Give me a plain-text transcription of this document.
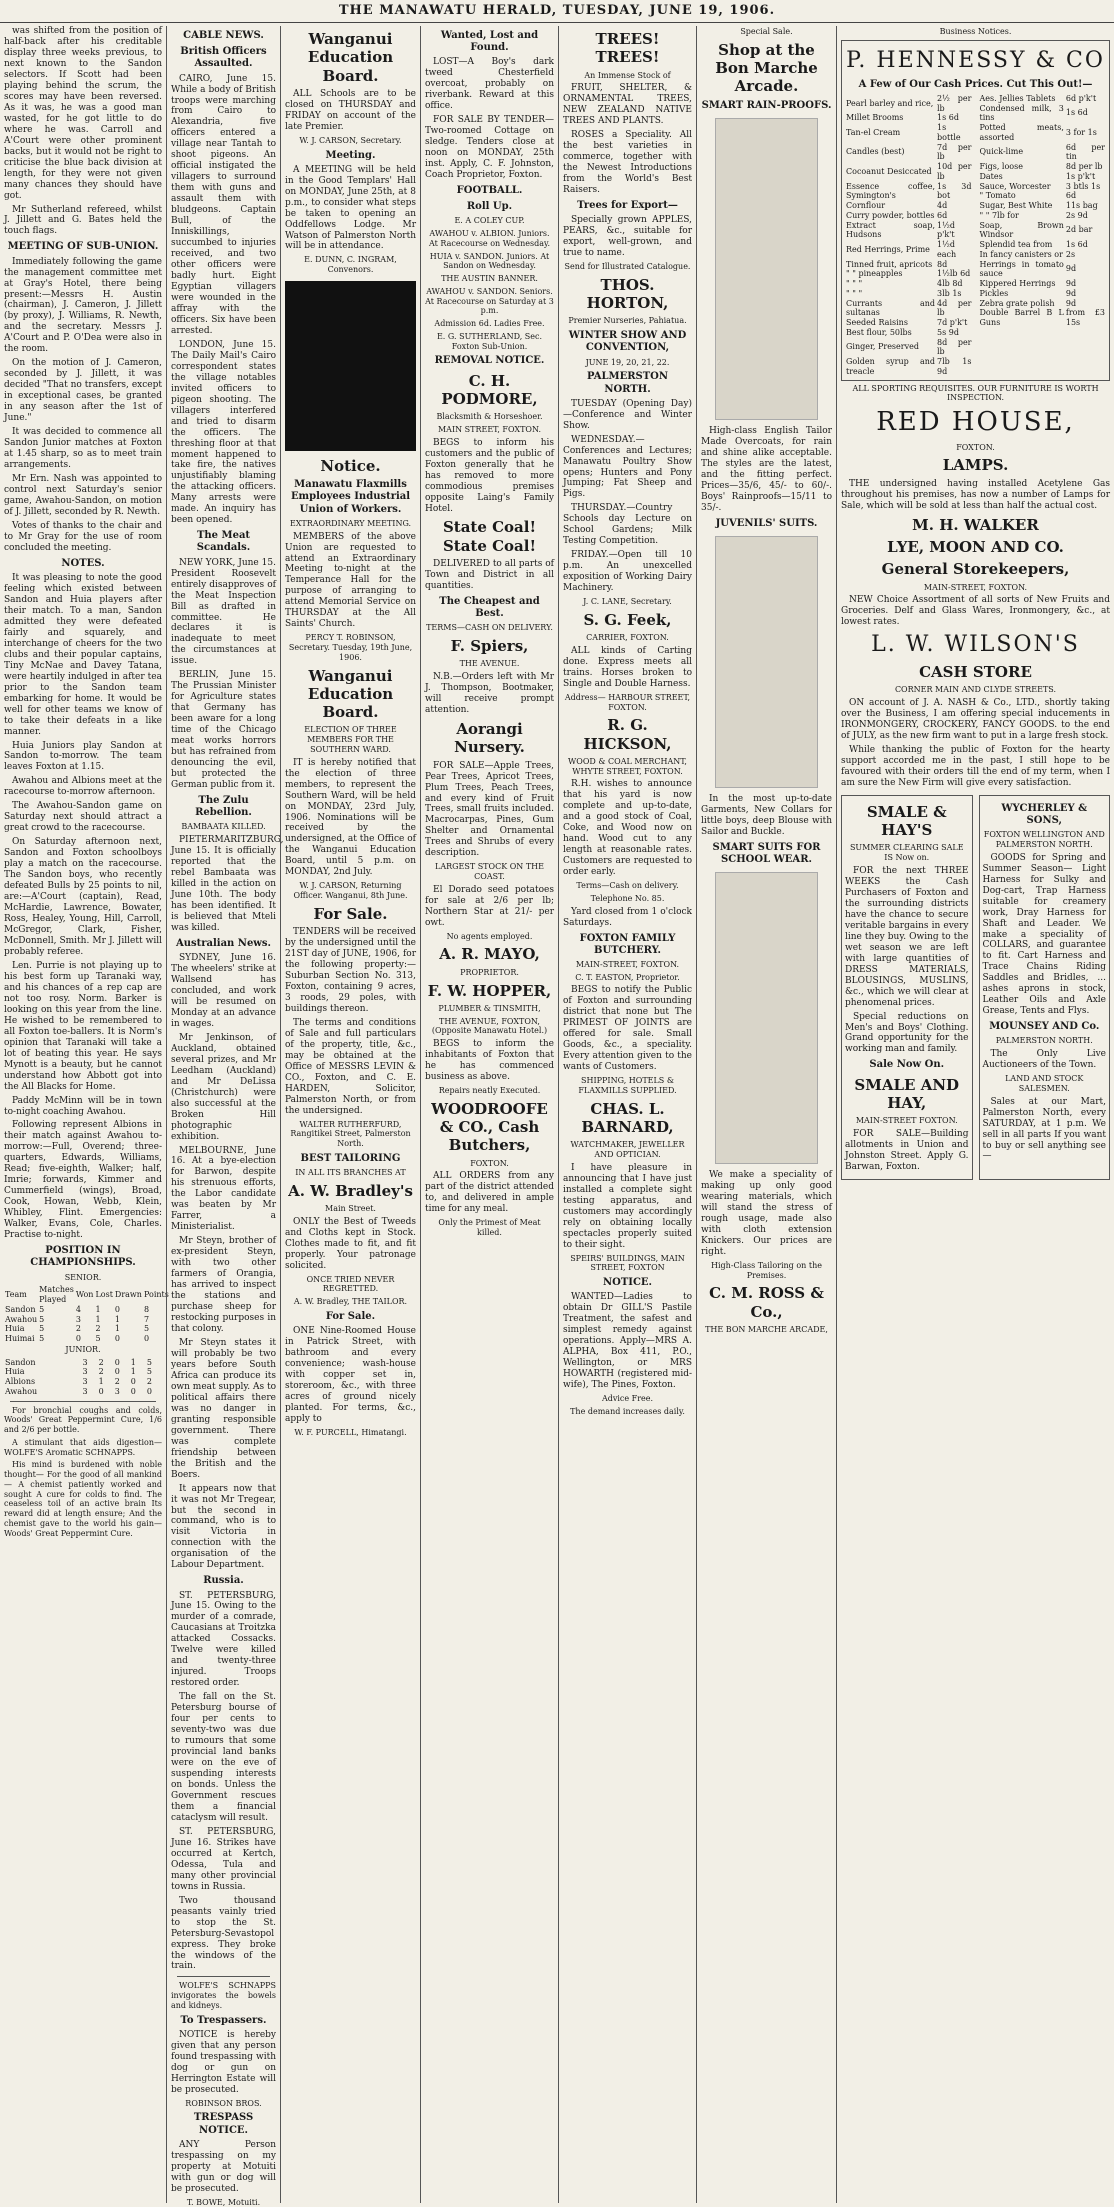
THE MANAWATU HERALD, TUESDAY, JUNE 19, 1906.

was shifted from the position of half-back after his creditable display three weeks previous, to next known to the Sandon selectors. If Scott had been playing behind the scrum, the scores may have been reversed. As it was, he was a good man wasted, for he got little to do where he was. Carroll and A'Court were other prominent backs, but it would not be right to criticise the blue back division at length, for they were not given many chances they should have got.

Mr Sutherland refereed, whilst J. Jillett and G. Bates held the touch flags.

MEETING OF SUB-UNION.

Immediately following the game the management committee met at Gray's Hotel, there being present:—Messrs H. Austin (chairman), J. Cameron, J. Jillett (by proxy), J. Williams, R. Newth, and the secretary. Messrs J. A'Court and P. O'Dea were also in the room.

On the motion of J. Cameron, seconded by J. Jillett, it was decided "That no transfers, except in exceptional cases, be granted in any season after the 1st of June."

It was decided to commence all Sandon Junior matches at Foxton at 1.45 sharp, so as to meet train arrangements.

Mr Ern. Nash was appointed to control next Saturday's senior game, Awahou-Sandon, on motion of J. Jillett, seconded by R. Newth.

Votes of thanks to the chair and to Mr Gray for the use of room concluded the meeting.

NOTES.

It was pleasing to note the good feeling which existed between Sandon and Huia players after their match. To a man, Sandon admitted they were defeated fairly and squarely, and interchange of cheers for the two clubs and their popular captains, Tiny McNae and Davey Tatana, were heartily indulged in after tea prior to the Sandon team embarking for home. It would be well for other teams we know of to take their defeats in a like manner.

Huia Juniors play Sandon at Sandon to-morrow. The team leaves Foxton at 1.15.

Awahou and Albions meet at the racecourse to-morrow afternoon.

The Awahou-Sandon game on Saturday next should attract a great crowd to the racecourse.

On Saturday afternoon next, Sandon and Foxton schoolboys play a match on the racecourse. The Sandon boys, who recently defeated Bulls by 25 points to nil, are:—A'Court (captain), Read, McHardie, Lawrence, Bowater, Ross, Healey, Young, Hill, Carroll, McGregor, Clark, Fisher, McDonnell, Smith. Mr J. Jillett will probably referee.

Len. Purrie is not playing up to his best form up Taranaki way, and his chances of a rep cap are not too rosy. Norm. Barker is looking on this year from the line. He wished to be remembered to all Foxton toe-ballers. It is Norm's opinion that Taranaki will take a lot of beating this year. He says Mynott is a beauty, but he cannot understand how Abbott got into the All Blacks for Home.

Paddy McMinn will be in town to-night coaching Awahou.

Following represent Albions in their match against Awahou to-morrow:—Full, Overend; three-quarters, Edwards, Williams, Read; five-eighth, Walker; half, Imrie; forwards, Kimmer and Cummerfield (wings), Broad, Cook, Howan, Webb, Klein, Whibley, Flint. Emergencies: Walker, Evans, Cole, Charles. Practise to-night.

POSITION IN CHAMPIONSHIPS.
SENIOR.
Team	Matches Played	Won	Lost	Drawn	Points
Sandon	5	4	1	0	8
Awahou	5	3	1	1	7
Huia	5	2	2	1	5
Huimai	5	0	5	0	0
JUNIOR.
Sandon	3	2	0	1	5
Huia	3	2	0	1	5
Albions	3	1	2	0	2
Awahou	3	0	3	0	0

For bronchial coughs and colds, Woods' Great Peppermint Cure, 1/6 and 2/6 per bottle.

A stimulant that aids digestion—WOLFE'S Aromatic SCHNAPPS.

His mind is burdened with noble thought— For the good of all mankind— A chemist patiently worked and sought A cure for colds to find. The ceaseless toil of an active brain Its reward did at length ensure; And the chemist gave to the world his gain— Woods' Great Peppermint Cure.

CABLE NEWS.
British Officers Assaulted.

CAIRO, June 15. While a body of British troops were marching from Cairo to Alexandria, five officers entered a village near Tantah to shoot pigeons. An official instigated the villagers to surround them with guns and assault them with bludgeons. Captain Bull, of the Inniskillings, succumbed to injuries received, and two other officers were badly hurt. Eight Egyptian villagers were wounded in the affray with the officers. Six have been arrested.

LONDON, June 15. The Daily Mail's Cairo correspondent states the village notables invited officers to pigeon shooting. The villagers interfered and tried to disarm the officers. The threshing floor at that moment happened to take fire, the natives unjustifiably blaming the attacking officers. Many arrests were made. An inquiry has been opened.

The Meat Scandals.

NEW YORK, June 15. President Roosevelt entirely disapproves of the Meat Inspection Bill as drafted in committee. He declares it is inadequate to meet the circumstances at issue.

BERLIN, June 15. The Prussian Minister for Agriculture states that Germany has been aware for a long time of the Chicago meat works horrors but has refrained from denouncing the evil, but protected the German public from it.

The Zulu Rebellion.
BAMBAATA KILLED.

PIETERMARITZBURG, June 15. It is officially reported that the rebel Bambaata was killed in the action on June 10th. The body has been identified. It is believed that Mteli was killed.

Australian News.

SYDNEY, June 16. The wheelers' strike at Wallsend has concluded, and work will be resumed on Monday at an advance in wages.

Mr Jenkinson, of Auckland, obtained several prizes, and Mr Leedham (Auckland) and Mr DeLissa (Christchurch) were also successful at the Broken Hill photographic exhibition.

MELBOURNE, June 16. At a bye-election for Barwon, despite his strenuous efforts, the Labor candidate was beaten by Mr Farrer, a Ministerialist.

Mr Steyn, brother of ex-president Steyn, with two other farmers of Orangia, has arrived to inspect the stations and purchase sheep for restocking purposes in that colony.

Mr Steyn states it will probably be two years before South Africa can produce its own meat supply. As to political affairs there was no danger in granting responsible government. There was complete friendship between the British and the Boers.

It appears now that it was not Mr Tregear, but the second in command, who is to visit Victoria in connection with the organisation of the Labour Department.

Russia.

ST. PETERSBURG, June 15. Owing to the murder of a comrade, Caucasians at Troitzka attacked Cossacks. Twelve were killed and twenty-three injured. Troops restored order.

The fall on the St. Petersburg bourse of four per cents to seventy-two was due to rumours that some provincial land banks were on the eve of suspending interests on bonds. Unless the Government rescues them a financial cataclysm will result.

ST. PETERSBURG, June 16. Strikes have occurred at Kertch, Odessa, Tula and many other provincial towns in Russia.

Two thousand peasants vainly tried to stop the St. Petersburg-Sevastopol express. They broke the windows of the train.

WOLFE'S SCHNAPPS invigorates the bowels and kidneys.

To Trespassers.

NOTICE is hereby given that any person found trespassing with dog or gun on Herrington Estate will be prosecuted.

ROBINSON BROS.
TRESPASS NOTICE.

ANY Person trespassing on my property at Motuiti with gun or dog will be prosecuted.

T. BOWE, Motuiti.
Wanganui Education Board.

ALL Schools are to be closed on THURSDAY and FRIDAY on account of the late Premier.

W. J. CARSON, Secretary.
Meeting.

A MEETING will be held in the Good Templars' Hall on MONDAY, June 25th, at 8 p.m., to consider what steps be taken to opening an Oddfellows Lodge. Mr Watson of Palmerston North will be in attendance.

E. DUNN, C. INGRAM, Convenors.
Notice.
Manawatu Flaxmills Employees Industrial Union of Workers.
EXTRAORDINARY MEETING.

MEMBERS of the above Union are requested to attend an Extraordinary Meeting to-night at the Temperance Hall for the purpose of arranging to attend Memorial Service on THURSDAY at the All Saints' Church.

PERCY T. ROBINSON, Secretary. Tuesday, 19th June, 1906.
Wanganui Education Board.
ELECTION OF THREE MEMBERS FOR THE SOUTHERN WARD.

IT is hereby notified that the election of three members, to represent the Southern Ward, will be held on MONDAY, 23rd July, 1906. Nominations will be received by the undersigned, at the Office of the Wanganui Education Board, until 5 p.m. on MONDAY, 2nd July.

W. J. CARSON, Returning Officer. Wanganui, 8th June.
For Sale.

TENDERS will be received by the undersigned until the 21ST day of JUNE, 1906, for the following property:— Suburban Section No. 313, Foxton, containing 9 acres, 3 roods, 29 poles, with buildings thereon.

The terms and conditions of Sale and full particulars of the property, title, &c., may be obtained at the Office of MESSRS LEVIN & CO., Foxton, and C. E. HARDEN, Solicitor, Palmerston North, or from the undersigned.

WALTER RUTHERFURD, Rangitikei Street, Palmerston North.
BEST TAILORING
IN ALL ITS BRANCHES AT
A. W. Bradley's
Main Street.

ONLY the Best of Tweeds and Cloths kept in Stock. Clothes made to fit, and fit properly. Your patronage solicited.

ONCE TRIED NEVER REGRETTED.
A. W. Bradley, THE TAILOR.
For Sale.

ONE Nine-Roomed House in Patrick Street, with bathroom and every convenience; wash-house with copper set in, storeroom, &c., with three acres of ground nicely planted. For terms, &c., apply to

W. F. PURCELL, Himatangi.
Wanted, Lost and Found.

LOST—A Boy's dark tweed Chesterfield overcoat, probably on riverbank. Reward at this office.

FOR SALE BY TENDER—Two-roomed Cottage on sledge. Tenders close at noon on MONDAY, 25th inst. Apply, C. F. Johnston, Coach Proprietor, Foxton.

FOOTBALL.
Roll Up.
E. A COLEY CUP.
AWAHOU v. ALBION. Juniors. At Racecourse on Wednesday.
HUIA v. SANDON. Juniors. At Sandon on Wednesday.
THE AUSTIN BANNER.
AWAHOU v. SANDON. Seniors. At Racecourse on Saturday at 3 p.m.
Admission 6d. Ladies Free.
E. G. SUTHERLAND, Sec. Foxton Sub-Union.
REMOVAL NOTICE.
C. H. PODMORE,
Blacksmith & Horseshoer.
MAIN STREET, FOXTON.

BEGS to inform his customers and the public of Foxton generally that he has removed to more commodious premises opposite Laing's Family Hotel.

State Coal! State Coal!

DELIVERED to all parts of Town and District in all quantities.

The Cheapest and Best.
TERMS—CASH ON DELIVERY.
F. Spiers,
THE AVENUE.

N.B.—Orders left with Mr J. Thompson, Bootmaker, will receive prompt attention.

Aorangi Nursery.

FOR SALE—Apple Trees, Pear Trees, Apricot Trees, Plum Trees, Peach Trees, and every kind of Fruit Trees, small fruits included. Macrocarpas, Pines, Gum Shelter and Ornamental Trees and Shrubs of every description.

LARGEST STOCK ON THE COAST.

El Dorado seed potatoes for sale at 2/6 per lb; Northern Star at 21/- per owt.

No agents employed.
A. R. MAYO,
PROPRIETOR.
F. W. HOPPER,
PLUMBER & TINSMITH,
THE AVENUE, FOXTON, (Opposite Manawatu Hotel.)

BEGS to inform the inhabitants of Foxton that he has commenced business as above.

Repairs neatly Executed.
WOODROOFE & CO., Cash Butchers,
FOXTON.

ALL ORDERS from any part of the district attended to, and delivered in ample time for any meal.

Only the Primest of Meat killed.
TREES! TREES!
An Immense Stock of

FRUIT, SHELTER, & ORNAMENTAL TREES, NEW ZEALAND NATIVE TREES AND PLANTS.

ROSES a Speciality. All the best varieties in commerce, together with the Newest Introductions from the World's Best Raisers.

Trees for Export—

Specially grown APPLES, PEARS, &c., suitable for export, well-grown, and true to name.

Send for Illustrated Catalogue.
THOS. HORTON,
Premier Nurseries, Pahiatua.
WINTER SHOW AND CONVENTION,
JUNE 19, 20, 21, 22.
PALMERSTON NORTH.

TUESDAY (Opening Day)—Conference and Winter Show.

WEDNESDAY.—Conferences and Lectures; Manawatu Poultry Show opens; Hunters and Pony Jumping; Fat Sheep and Pigs.

THURSDAY.—Country Schools day Lecture on School Gardens; Milk Testing Competition.

FRIDAY.—Open till 10 p.m. An unexcelled exposition of Working Dairy Machinery.

J. C. LANE, Secretary.
S. G. Feek,
CARRIER, FOXTON.

ALL kinds of Carting done. Express meets all trains. Horses broken to Single and Double Harness.

Address— HARBOUR STREET, FOXTON.
R. G. HICKSON,
WOOD & COAL MERCHANT, WHYTE STREET, FOXTON.

R.H. wishes to announce that his yard is now complete and up-to-date, and a good stock of Coal, Coke, and Wood now on hand. Wood cut to any length at reasonable rates. Customers are requested to order early.

Terms—Cash on delivery.
Telephone No. 85.

Yard closed from 1 o'clock Saturdays.

FOXTON FAMILY BUTCHERY.
MAIN-STREET, FOXTON.
C. T. EASTON, Proprietor.

BEGS to notify the Public of Foxton and surrounding district that none but The PRIMEST OF JOINTS are offered for sale. Small Goods, &c., a speciality. Every attention given to the wants of Customers.

SHIPPING, HOTELS & FLAXMILLS SUPPLIED.
CHAS. L. BARNARD,
WATCHMAKER, JEWELLER AND OPTICIAN.

I have pleasure in announcing that I have just installed a complete sight testing apparatus, and customers may accordingly rely on obtaining locally spectacles properly suited to their sight.

SPEIRS' BUILDINGS, MAIN STREET, FOXTON
NOTICE.

WANTED—Ladies to obtain Dr GILL'S Pastile Treatment, the safest and simplest remedy against operations. Apply—MRS A. ALPHA, Box 411, P.O., Wellington, or MRS HOWARTH (registered mid-wife), The Pines, Foxton.

Advice Free.
The demand increases daily.
Special Sale.
Shop at the Bon Marche Arcade.
SMART RAIN-PROOFS.

High-class English Tailor Made Overcoats, for rain and shine alike acceptable. The styles are the latest, and the fitting perfect. Prices—35/6, 45/- to 60/-. Boys' Rainproofs—15/11 to 35/-.

JUVENILS' SUITS.

In the most up-to-date Garments, New Collars for little boys, deep Blouse with Sailor and Buckle.

SMART SUITS FOR SCHOOL WEAR.

We make a speciality of making up only good wearing materials, which will stand the stress of rough usage, made also with cloth extension Knickers. Our prices are right.

High-Class Tailoring on the Premises.
C. M. ROSS & Co.,
THE BON MARCHE ARCADE,
Business Notices.
P. HENNESSY & CO
A Few of Our Cash Prices. Cut This Out!—
Pearl barley and rice,	2½ per lb
Millet Brooms	1s 6d
Tan-el Cream	1s bottle
Candles (best)	7d per lb
Cocoanut Desiccated	10d per lb
Essence coffee, Symington's	1s 3d bot
Cornflour	4d
Curry powder, bottles	6d
Extract soap, Hudsons	1½d p'k't
Red Herrings, Prime	1½d each
Tinned fruit, apricots	8d
" " pineapples	1½lb 6d
" " "	4lb 8d
" " "	3lb 1s
Currants and sultanas	4d per lb
Seeded Raisins	7d p'k't
Best flour, 50lbs	5s 9d
Ginger, Preserved	8d per lb
Golden syrup and treacle	7lb 1s 9d
Aes. Jellies Tablets	6d p'k't
Condensed milk, 3 tins	1s 6d
Potted meats, assorted	3 for 1s
Quick-lime	6d per tin
Figs, loose	8d per lb
Dates	1s p'k't
Sauce, Worcester	3 btls 1s
" Tomato	6d
Sugar, Best White	11s bag
" " 7lb for	2s 9d
Soap, Brown Windsor	2d bar
Splendid tea from	1s 6d
In fancy canisters or	2s
Herrings in tomato sauce	9d
Kippered Herrings	9d
Pickles	9d
Zebra grate polish	9d
Double Barrel B L Guns	from £3 15s
ALL SPORTING REQUISITES. OUR FURNITURE IS WORTH INSPECTION.
RED HOUSE,
FOXTON.
LAMPS.

THE undersigned having installed Acetylene Gas throughout his premises, has now a number of Lamps for Sale, which will be sold at less than half the actual cost.

M. H. WALKER
LYE, MOON AND CO.
General Storekeepers,
MAIN-STREET, FOXTON.

NEW Choice Assortment of all sorts of New Fruits and Groceries. Delf and Glass Wares, Ironmongery, &c., at lowest rates.

L. W. WILSON'S
CASH STORE
CORNER MAIN AND CLYDE STREETS.

ON account of J. A. NASH & Co., LTD., shortly taking over the Business, I am offering special inducements in IRONMONGERY, CROCKERY, FANCY GOODS. to the end of JULY, as the new firm want to put in a large fresh stock.

While thanking the public of Foxton for the hearty support accorded me in the past, I still hope to be favoured with their orders till the end of my term, when I am sure the New Firm will give every satisfaction.

SMALE & HAY'S
SUMMER CLEARING SALE IS Now on.

FOR the next THREE WEEKS the Cash Purchasers of Foxton and the surrounding districts have the chance to secure veritable bargains in every line they buy. Owing to the wet season we are left with large quantities of DRESS MATERIALS, BLOUSINGS, MUSLINS, &c., which we will clear at phenomenal prices.

Special reductions on Men's and Boys' Clothing. Grand opportunity for the working man and family.

Sale Now On.
SMALE AND HAY,
MAIN-STREET FOXTON.

FOR SALE—Building allotments in Union and Johnston Street. Apply G. Barwan, Foxton.

WYCHERLEY & SONS,
FOXTON WELLINGTON AND PALMERSTON NORTH.

GOODS for Spring and Summer Season— Light Harness for Sulky and Dog-cart, Trap Harness suitable for creamery work, Dray Harness for Shaft and Leader. We make a speciality of COLLARS, and guarantee to fit. Cart Harness and Trace Chains Riding Saddles and Bridles, ... ashes aprons in stock, Leather Oils and Axle Grease, Tents and Flys.

MOUNSEY AND Co.
PALMERSTON NORTH.

The Only Live Auctioneers of the Town.

LAND AND STOCK SALESMEN.

Sales at our Mart, Palmerston North, every SATURDAY, at 1 p.m. We sell in all parts If you want to buy or sell anything see—
